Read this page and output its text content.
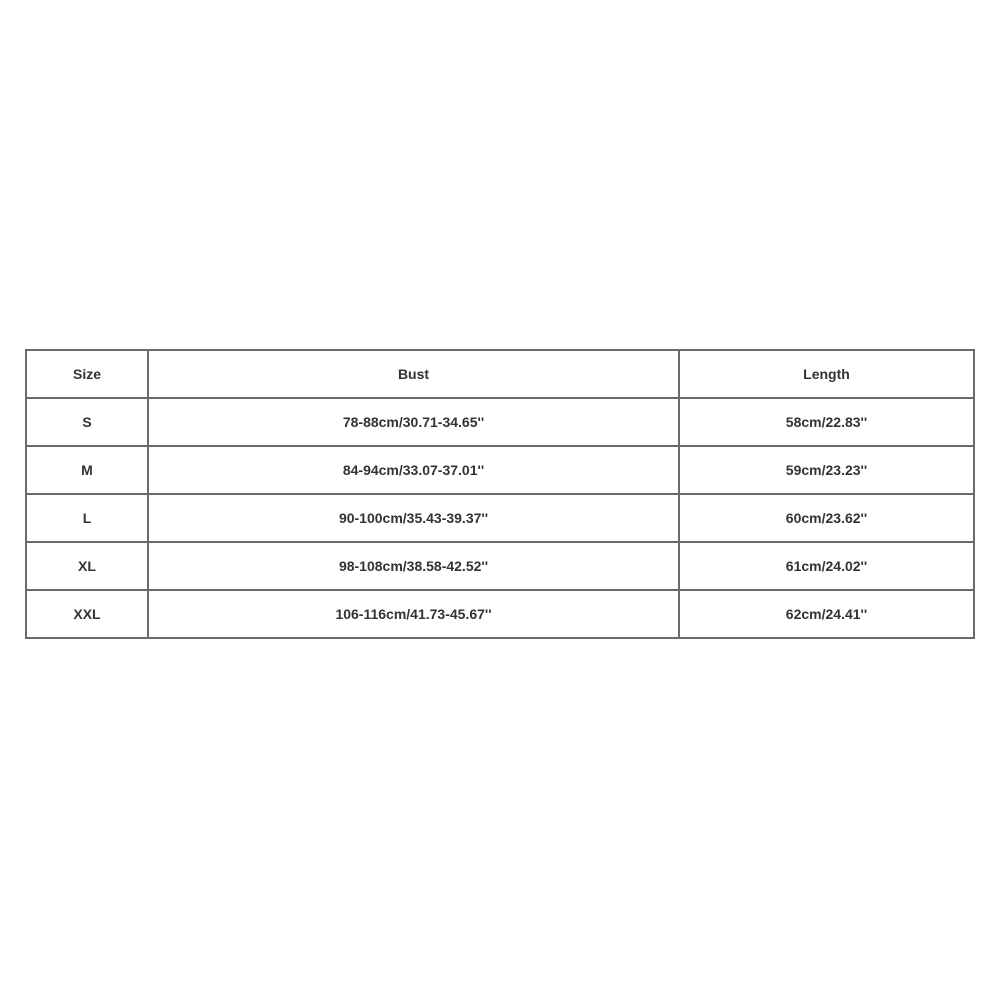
Size	Bust	Length
S	78-88cm/30.71-34.65''	58cm/22.83''
M	84-94cm/33.07-37.01''	59cm/23.23''
L	90-100cm/35.43-39.37''	60cm/23.62''
XL	98-108cm/38.58-42.52''	61cm/24.02''
XXL	106-116cm/41.73-45.67''	62cm/24.41''
